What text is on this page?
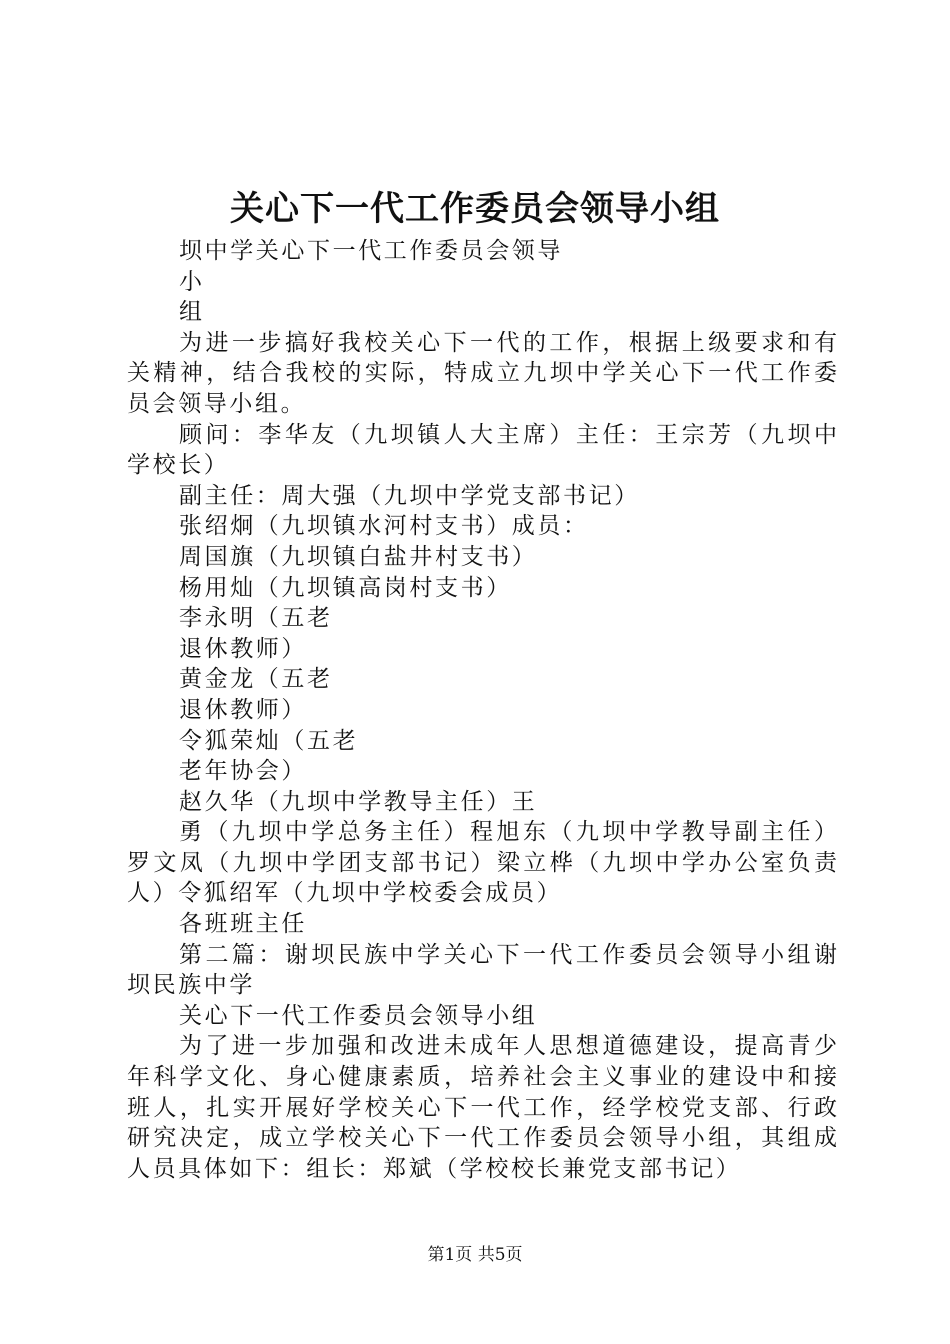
关心下一代工作委员会领导小组
坝中学关心下一代工作委员会领导
小
组
为进一步搞好我校关心下一代的工作，根据上级要求和有
关精神，结合我校的实际，特成立九坝中学关心下一代工作委
员会领导小组。
顾问：李华友（九坝镇人大主席）主任：王宗芳（九坝中
学校长）
副主任：周大强（九坝中学党支部书记）
张绍炯（九坝镇水河村支书）成员：
周国旗（九坝镇白盐井村支书）
杨用灿（九坝镇高岗村支书）
李永明（五老
退休教师）
黄金龙（五老
退休教师）
令狐荣灿（五老
老年协会）
赵久华（九坝中学教导主任）王
勇（九坝中学总务主任）程旭东（九坝中学教导副主任）
罗文凤（九坝中学团支部书记）梁立桦（九坝中学办公室负责
人）令狐绍军（九坝中学校委会成员）
各班班主任
第二篇：谢坝民族中学关心下一代工作委员会领导小组谢
坝民族中学
关心下一代工作委员会领导小组
为了进一步加强和改进未成年人思想道德建设，提高青少
年科学文化、身心健康素质，培养社会主义事业的建设中和接
班人，扎实开展好学校关心下一代工作，经学校党支部、行政
研究决定，成立学校关心下一代工作委员会领导小组，其组成
人员具体如下：组长：郑斌（学校校长兼党支部书记）
第1页 共5页
